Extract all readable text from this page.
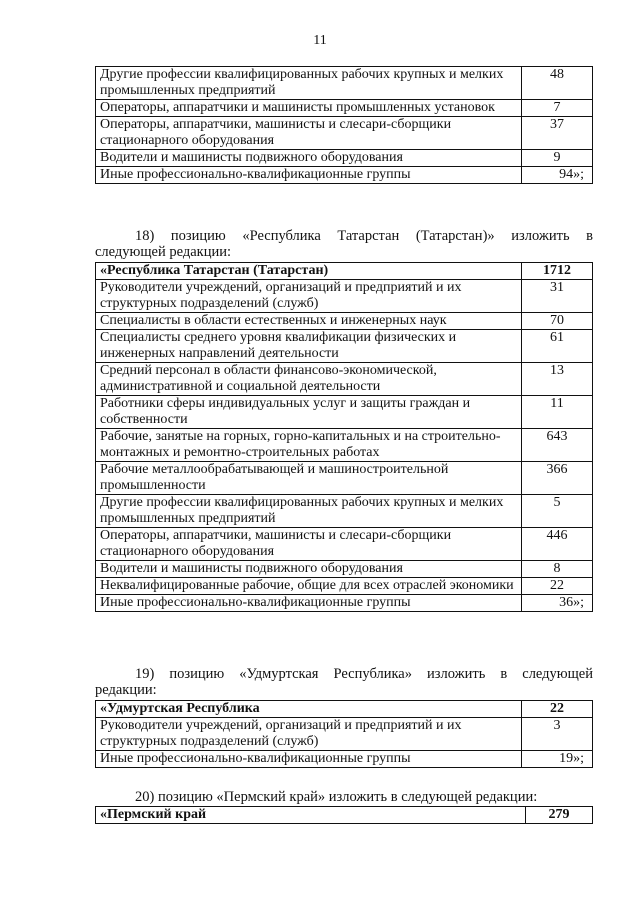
11
Другие профессии квалифицированных рабочих крупных и мелких промышленных предприятий	48
Операторы, аппаратчики и машинисты промышленных установок	7
Операторы, аппаратчики, машинисты и слесари-сборщики стационарного оборудования	37
Водители и машинисты подвижного оборудования	9
Иные профессионально-квалификационные группы	94»;
18) позицию «Республика Татарстан (Татарстан)» изложить в
следующей редакции:
«Республика Татарстан (Татарстан)	1712
Руководители учреждений, организаций и предприятий и их структурных подразделений (служб)	31
Специалисты в области естественных и инженерных наук	70
Специалисты среднего уровня квалификации физических и инженерных направлений деятельности	61
Средний персонал в области финансово-экономической, административной и социальной деятельности	13
Работники сферы индивидуальных услуг и защиты граждан и собственности	11
Рабочие, занятые на горных, горно-капитальных и на строительно-монтажных и ремонтно-строительных работах	643
Рабочие металлообрабатывающей и машиностроительной промышленности	366
Другие профессии квалифицированных рабочих крупных и мелких промышленных предприятий	5
Операторы, аппаратчики, машинисты и слесари-сборщики стационарного оборудования	446
Водители и машинисты подвижного оборудования	8
Неквалифицированные рабочие, общие для всех отраслей экономики	22
Иные профессионально-квалификационные группы	36»;
19) позицию «Удмуртская Республика» изложить в следующей
редакции:
«Удмуртская Республика	22
Руководители учреждений, организаций и предприятий и их структурных подразделений (служб)	3
Иные профессионально-квалификационные группы	19»;
20) позицию «Пермский край» изложить в следующей редакции:
«Пермский край	279
